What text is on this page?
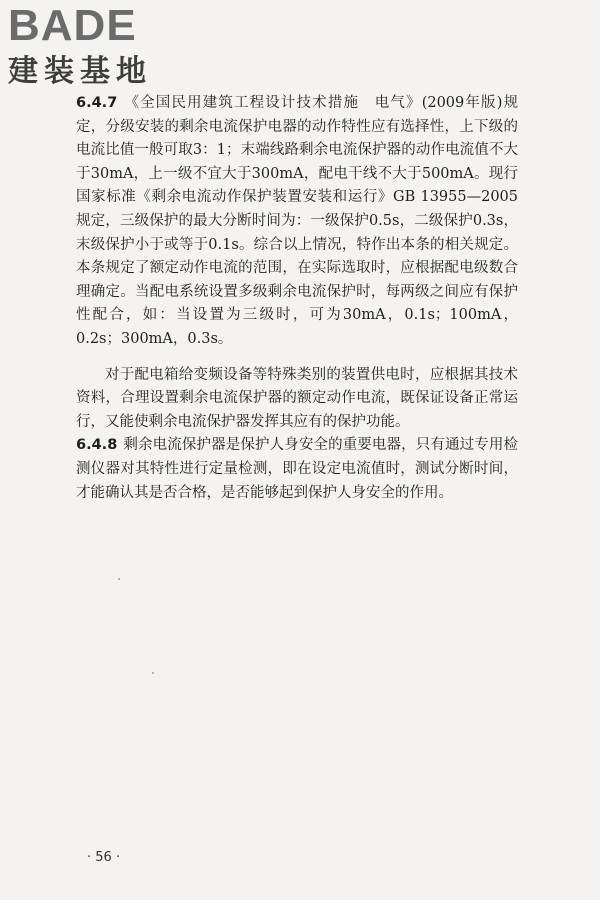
BADE
建装基地

6.4.7 《全国民用建筑工程设计技术措施　电气》(2009年版)规定，分级安装的剩余电流保护电器的动作特性应有选择性，上下级的电流比值一般可取3：1；末端线路剩余电流保护器的动作电流值不大于30mA，上一级不宜大于300mA，配电干线不大于500mA。现行国家标准《剩余电流动作保护装置安装和运行》GB 13955—2005规定，三级保护的最大分断时间为：一级保护0.5s，二级保护0.3s，末级保护小于或等于0.1s。综合以上情况，特作出本条的相关规定。本条规定了额定动作电流的范围，在实际选取时，应根据配电级数合理确定。当配电系统设置多级剩余电流保护时，每两级之间应有保护性配合，如：当设置为三级时，可为30mA，0.1s；100mA，0.2s；300mA，0.3s。

对于配电箱给变频设备等特殊类别的装置供电时，应根据其技术资料，合理设置剩余电流保护器的额定动作电流，既保证设备正常运行，又能使剩余电流保护器发挥其应有的保护功能。

6.4.8 剩余电流保护器是保护人身安全的重要电器，只有通过专用检测仪器对其特性进行定量检测，即在设定电流值时，测试分断时间，才能确认其是否合格，是否能够起到保护人身安全的作用。

· 56 ·
